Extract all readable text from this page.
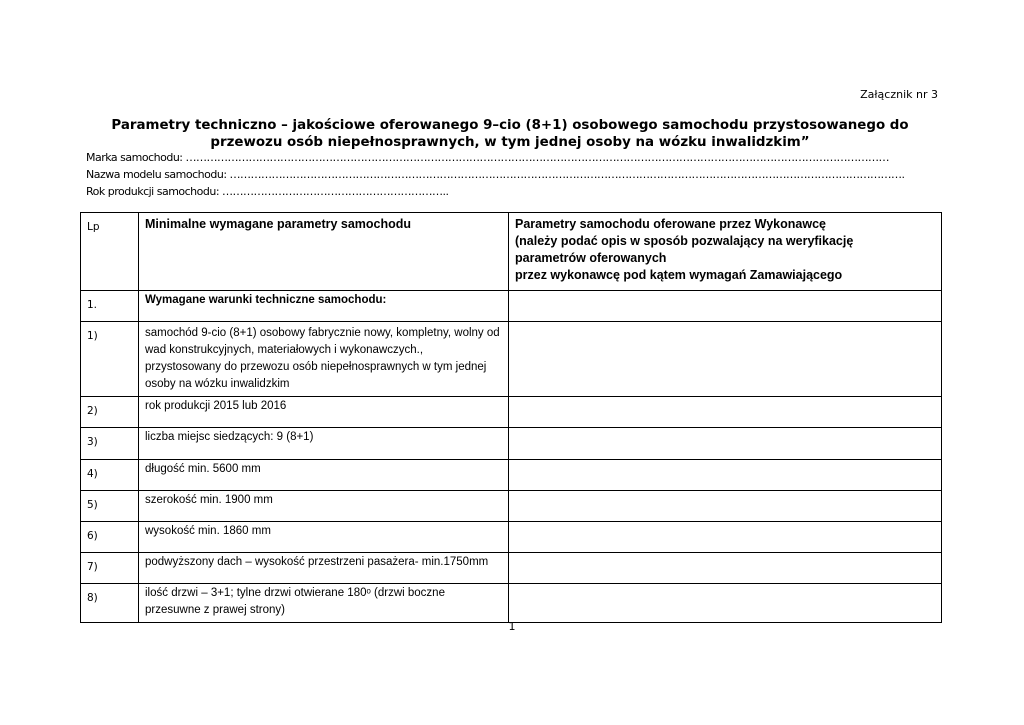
Załącznik nr 3
Parametry techniczno – jakościowe oferowanego 9–cio (8+1) osobowego samochodu przystosowanego do przewozu osób niepełnosprawnych, w tym jednej osoby na wózku inwalidzkim”
Marka samochodu: …………………………………………………………………………………………………………………………………………………………………………………
Nazwa modelu samochodu: ………………………………………………………………………………………………………………………………………………………………………….
Rok produkcji samochodu: ………………………………………………………..
Lp	Minimalne wymagane parametry samochodu	Parametry samochodu oferowane przez Wykonawcę
(należy podać opis w sposób pozwalający na weryfikację
parametrów oferowanych
przez wykonawcę pod kątem wymagań Zamawiającego

1.	Wymagane warunki techniczne samochodu:	
1)	samochód 9-cio (8+1) osobowy fabrycznie nowy, kompletny, wolny od wad konstrukcyjnych, materiałowych i wykonawczych., przystosowany do przewozu osób niepełnosprawnych w tym jednej osoby na wózku inwalidzkim	
2)	rok produkcji 2015 lub 2016	
3)	liczba miejsc siedzących: 9 (8+1)	
4)	długość min. 5600 mm	
5)	szerokość min. 1900 mm	
6)	wysokość min. 1860 mm	
7)	podwyższony dach – wysokość przestrzeni pasażera- min.1750mm	
8)	ilość drzwi – 3+1; tylne drzwi otwierane 180ᵒ (drzwi boczne przesuwne z prawej strony)	
1
